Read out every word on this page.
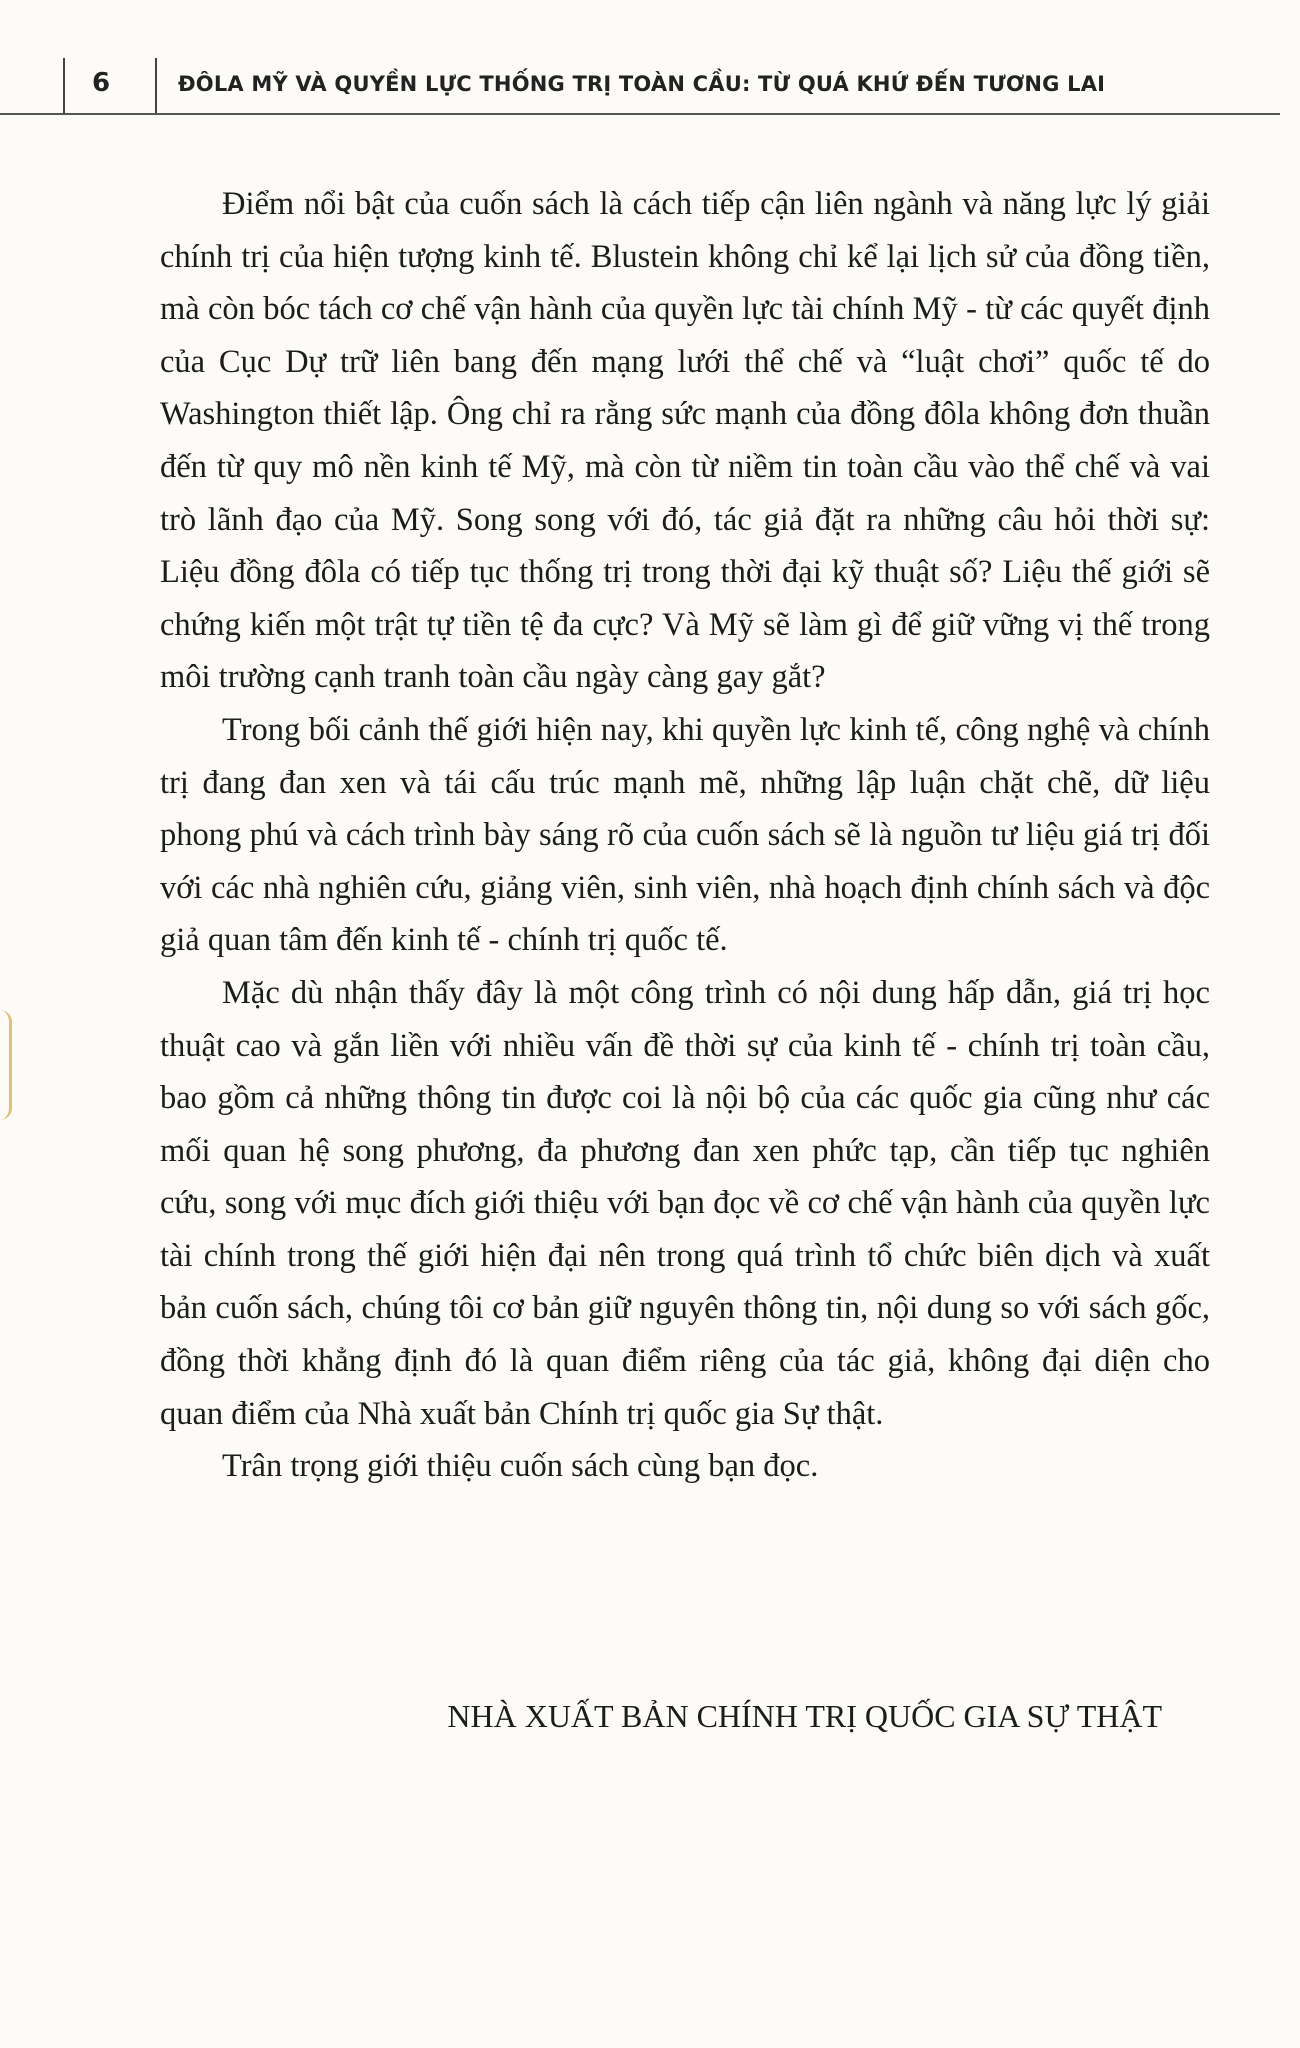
6	ĐÔLA MỸ VÀ QUYỀN LỰC THỐNG TRỊ TOÀN CẦU: TỪ QUÁ KHỨ ĐẾN TƯƠNG LAI

Điểm nổi bật của cuốn sách là cách tiếp cận liên ngành và năng lực lý giải chính trị của hiện tượng kinh tế. Blustein không chỉ kể lại lịch sử của đồng tiền, mà còn bóc tách cơ chế vận hành của quyền lực tài chính Mỹ - từ các quyết định của Cục Dự trữ liên bang đến mạng lưới thể chế và “luật chơi” quốc tế do Washington thiết lập. Ông chỉ ra rằng sức mạnh của đồng đôla không đơn thuần đến từ quy mô nền kinh tế Mỹ, mà còn từ niềm tin toàn cầu vào thể chế và vai trò lãnh đạo của Mỹ. Song song với đó, tác giả đặt ra những câu hỏi thời sự: Liệu đồng đôla có tiếp tục thống trị trong thời đại kỹ thuật số? Liệu thế giới sẽ chứng kiến một trật tự tiền tệ đa cực? Và Mỹ sẽ làm gì để giữ vững vị thế trong môi trường cạnh tranh toàn cầu ngày càng gay gắt?

Trong bối cảnh thế giới hiện nay, khi quyền lực kinh tế, công nghệ và chính trị đang đan xen và tái cấu trúc mạnh mẽ, những lập luận chặt chẽ, dữ liệu phong phú và cách trình bày sáng rõ của cuốn sách sẽ là nguồn tư liệu giá trị đối với các nhà nghiên cứu, giảng viên, sinh viên, nhà hoạch định chính sách và độc giả quan tâm đến kinh tế - chính trị quốc tế.

Mặc dù nhận thấy đây là một công trình có nội dung hấp dẫn, giá trị học thuật cao và gắn liền với nhiều vấn đề thời sự của kinh tế - chính trị toàn cầu, bao gồm cả những thông tin được coi là nội bộ của các quốc gia cũng như các mối quan hệ song phương, đa phương đan xen phức tạp, cần tiếp tục nghiên cứu, song với mục đích giới thiệu với bạn đọc về cơ chế vận hành của quyền lực tài chính trong thế giới hiện đại nên trong quá trình tổ chức biên dịch và xuất bản cuốn sách, chúng tôi cơ bản giữ nguyên thông tin, nội dung so với sách gốc, đồng thời khẳng định đó là quan điểm riêng của tác giả, không đại diện cho quan điểm của Nhà xuất bản Chính trị quốc gia Sự thật.

Trân trọng giới thiệu cuốn sách cùng bạn đọc.

NHÀ XUẤT BẢN CHÍNH TRỊ QUỐC GIA SỰ THẬT
